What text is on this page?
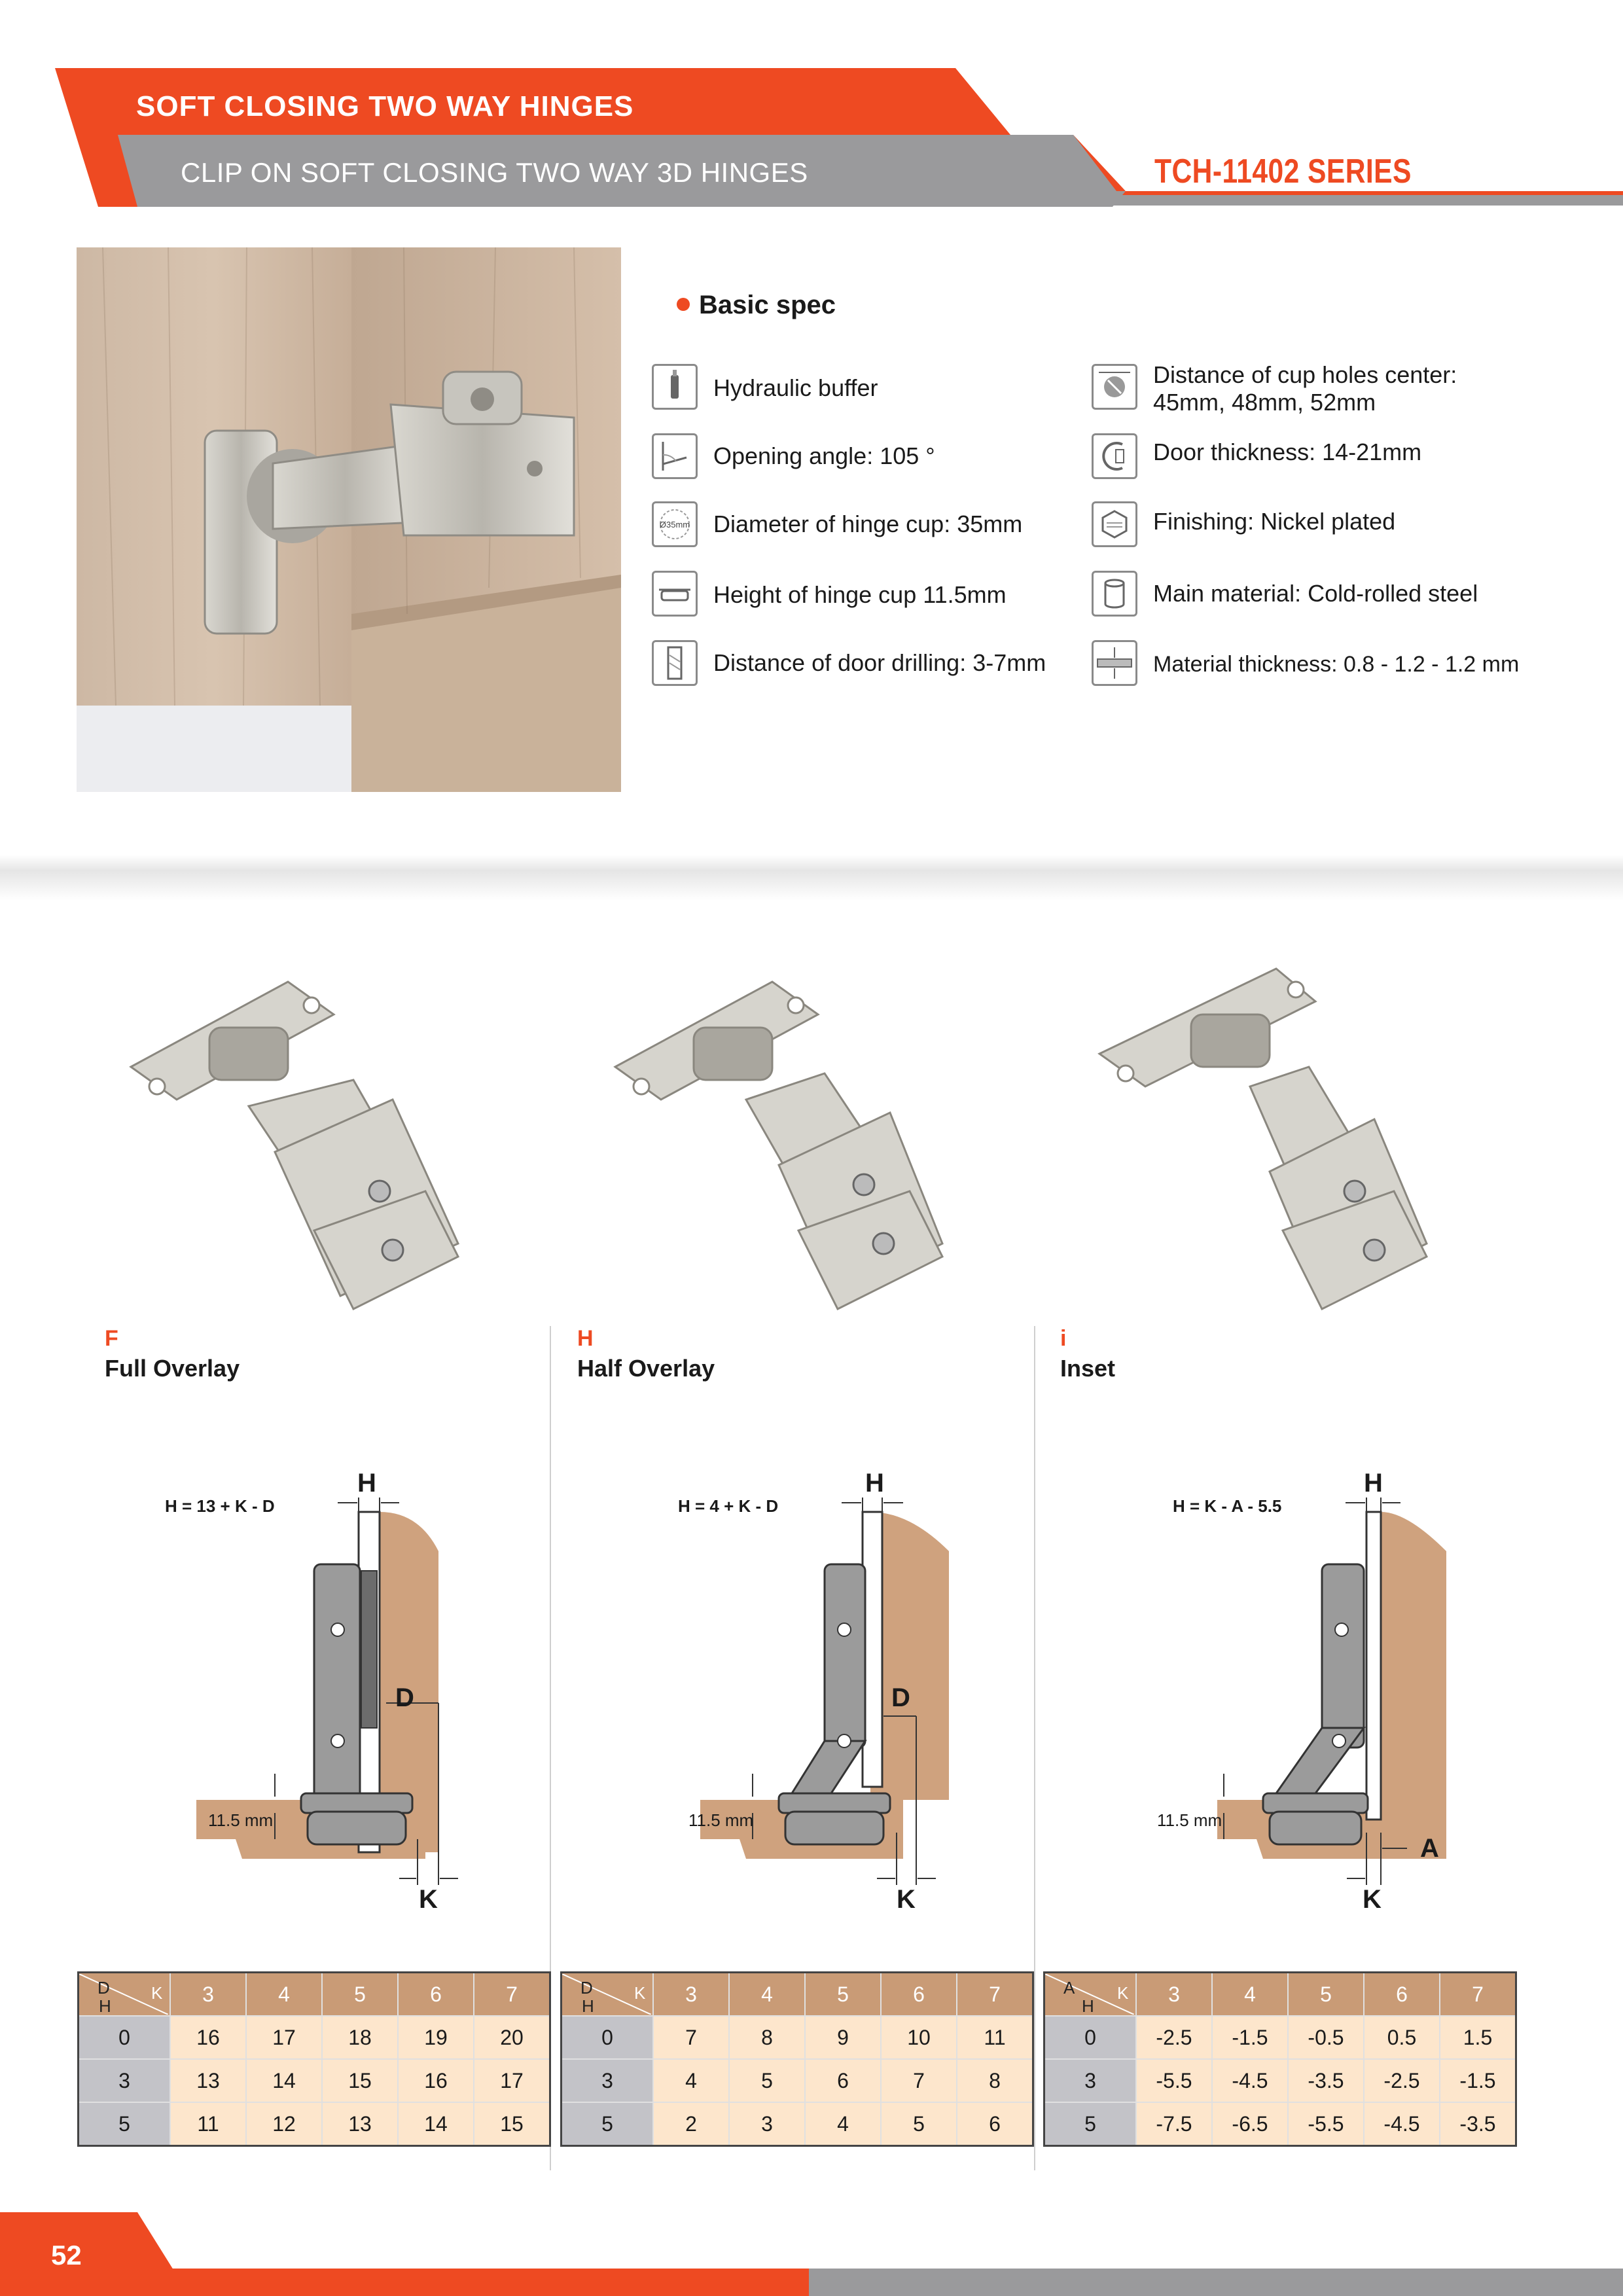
SOFT CLOSING TWO WAY HINGES
CLIP ON SOFT CLOSING TWO WAY 3D HINGES	TCH-11402 SERIES
Basic spec
Ø35mm
Hydraulic buffer
Opening angle: 105 °
Diameter of hinge cup: 35mm
Height of hinge cup 11.5mm
Distance of door drilling: 3-7mm
Distance of cup holes center:
45mm, 48mm, 52mm
Door thickness: 14-21mm
Finishing: Nickel plated
Main material: Cold-rolled steel
Material thickness: 0.8 - 1.2 - 1.2 mm
F
Full Overlay
H
Half Overlay
i
Inset
H = 13 + K - D
H
D
K
11.5 mm
H = 4 + K - D
H
D
K
11.5 mm
H = K - A - 5.5
H
A
K
11.5 mm
D
H
K	3	4	5	6	7
0	16	17	18	19	20
3	13	14	15	16	17
5	11	12	13	14	15
D
H
K	3	4	5	6	7
0	7	8	9	10	11
3	4	5	6	7	8
5	2	3	4	5	6
A
H
K	3	4	5	6	7
0	-2.5	-1.5	-0.5	0.5	1.5
3	-5.5	-4.5	-3.5	-2.5	-1.5
5	-7.5	-6.5	-5.5	-4.5	-3.5
52
